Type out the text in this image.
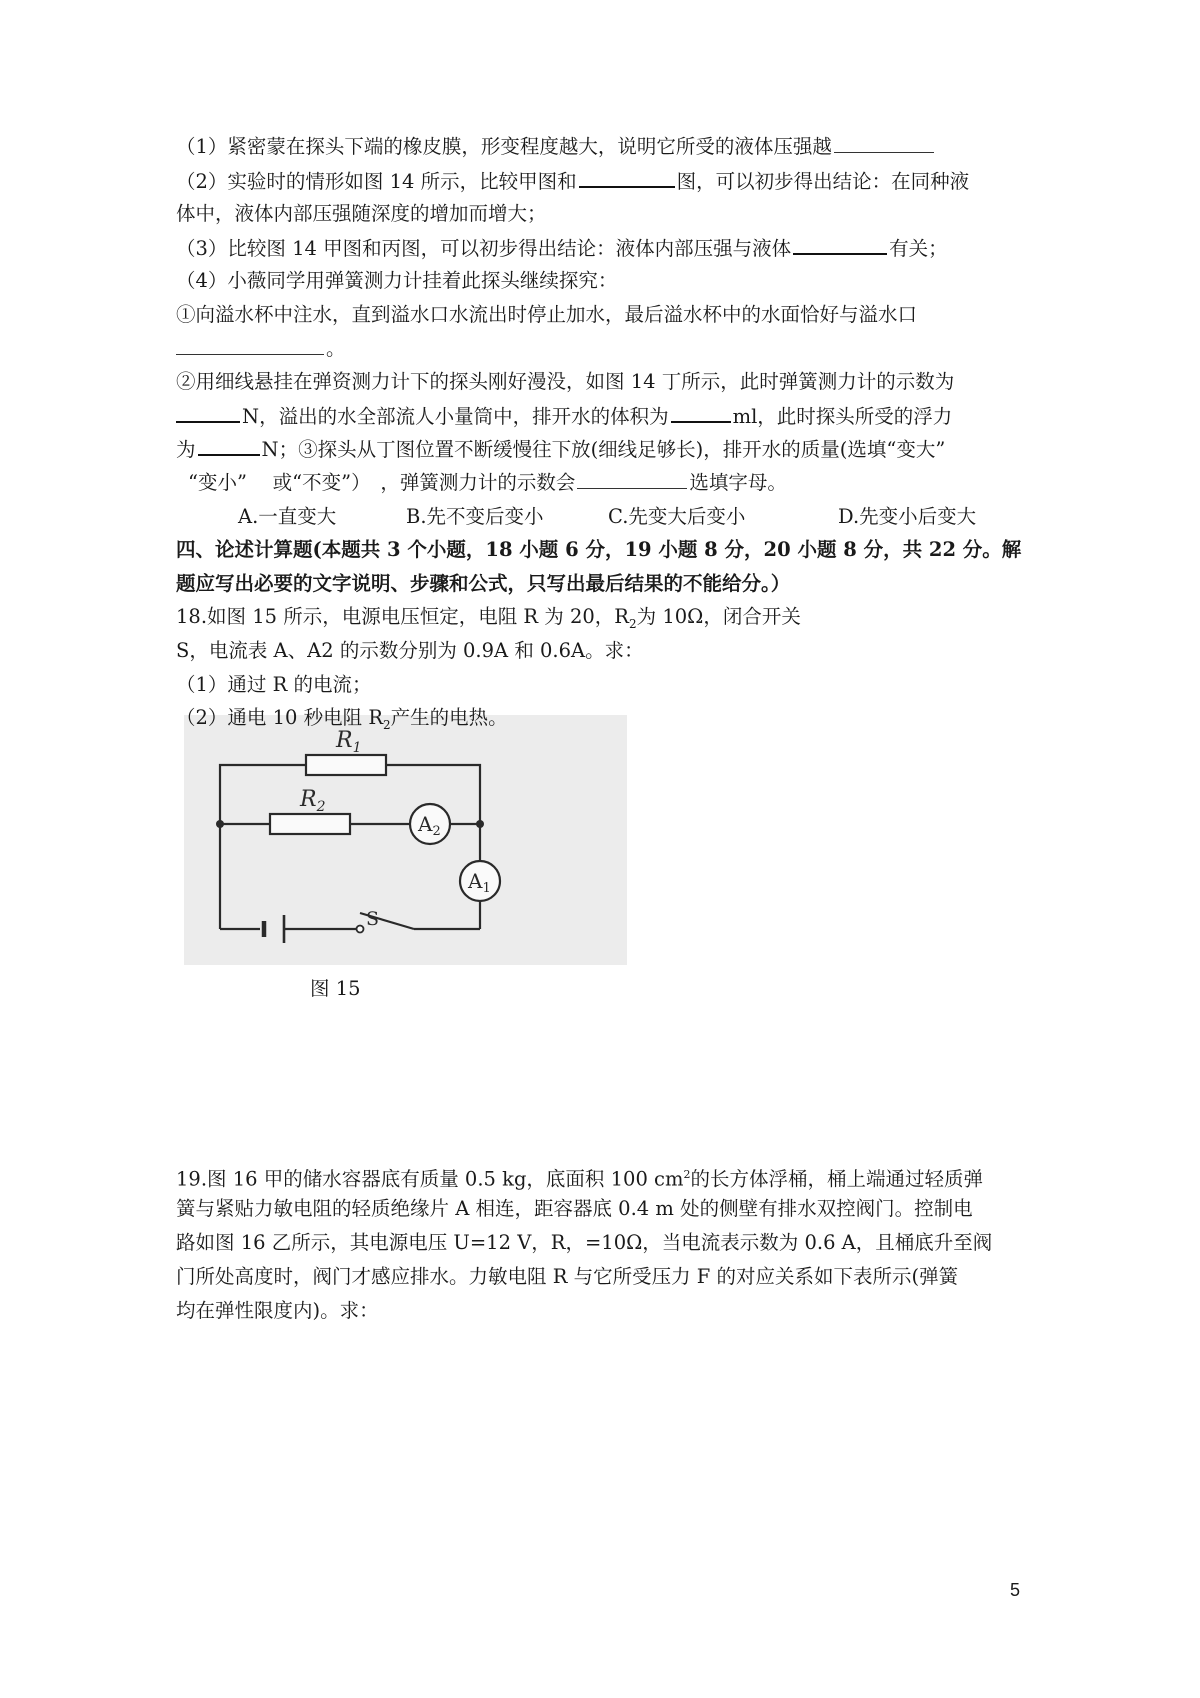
（1）紧密蒙在探头下端的橡皮膜，形变程度越大，说明它所受的液体压强越
（2）实验时的情形如图 14 所示，比较甲图和	图，可以初步得出结论：在同种液
体中，液体内部压强随深度的增加而增大；
（3）比较图 14 甲图和丙图，可以初步得出结论：液体内部压强与液体	有关；
（4）小薇同学用弹簧测力计挂着此探头继续探究：
①向溢水杯中注水，直到溢水口水流出时停止加水，最后溢水杯中的水面恰好与溢水口
。
②用细线悬挂在弹资测力计下的探头刚好漫没，如图 14 丁所示，此时弹簧测力计的示数为
N，溢出的水全部流人小量筒中，排开水的体积为	ml，此时探头所受的浮力
为	N；③探头从丁图位置不断缓慢往下放(细线足够长)，排开水的质量(选填“变大”
“变小”　 或“不变”）　，弹簧测力计的示数会	选填字母。
A.一直变大	B.先不变后变小	C.先变大后变小	D.先变小后变大
四、论述计算题(本题共 3 个小题，18 小题 6 分，19 小题 8 分，20 小题 8 分，共 22 分。解
题应写出必要的文字说明、步骤和公式，只写出最后结果的不能给分。）
18.如图 15 所示，电源电压恒定，电阻 R 为 20，$R_2$为 10Ω，闭合开关
S，电流表 A、A2 的示数分别为 0.9A 和 0.6A。求：
（1）通过 R 的电流；
$R_1$
$R_2$
S
$A_2$
$A_1$
图 15
19.图 16 甲的储水容器底有质量 0.5 kg，底面积 100 $cm^2$的长方体浮桶，桶上端通过轻质弹
簧与紧贴力敏电阻的轻质绝缘片 A 相连，距容器底 0.4 m 处的侧壁有排水双控阀门。控制电
路如图 16 乙所示，其电源电压 U=12 V，R，=10Ω，当电流表示数为 0.6 A，且桶底升至阀
门所处高度时，阀门才感应排水。力敏电阻 R 与它所受压力 F 的对应关系如下表所示(弹簧
均在弹性限度内)。求：
5
（2）通电 10 秒电阻 $R_2$产生的电热。
